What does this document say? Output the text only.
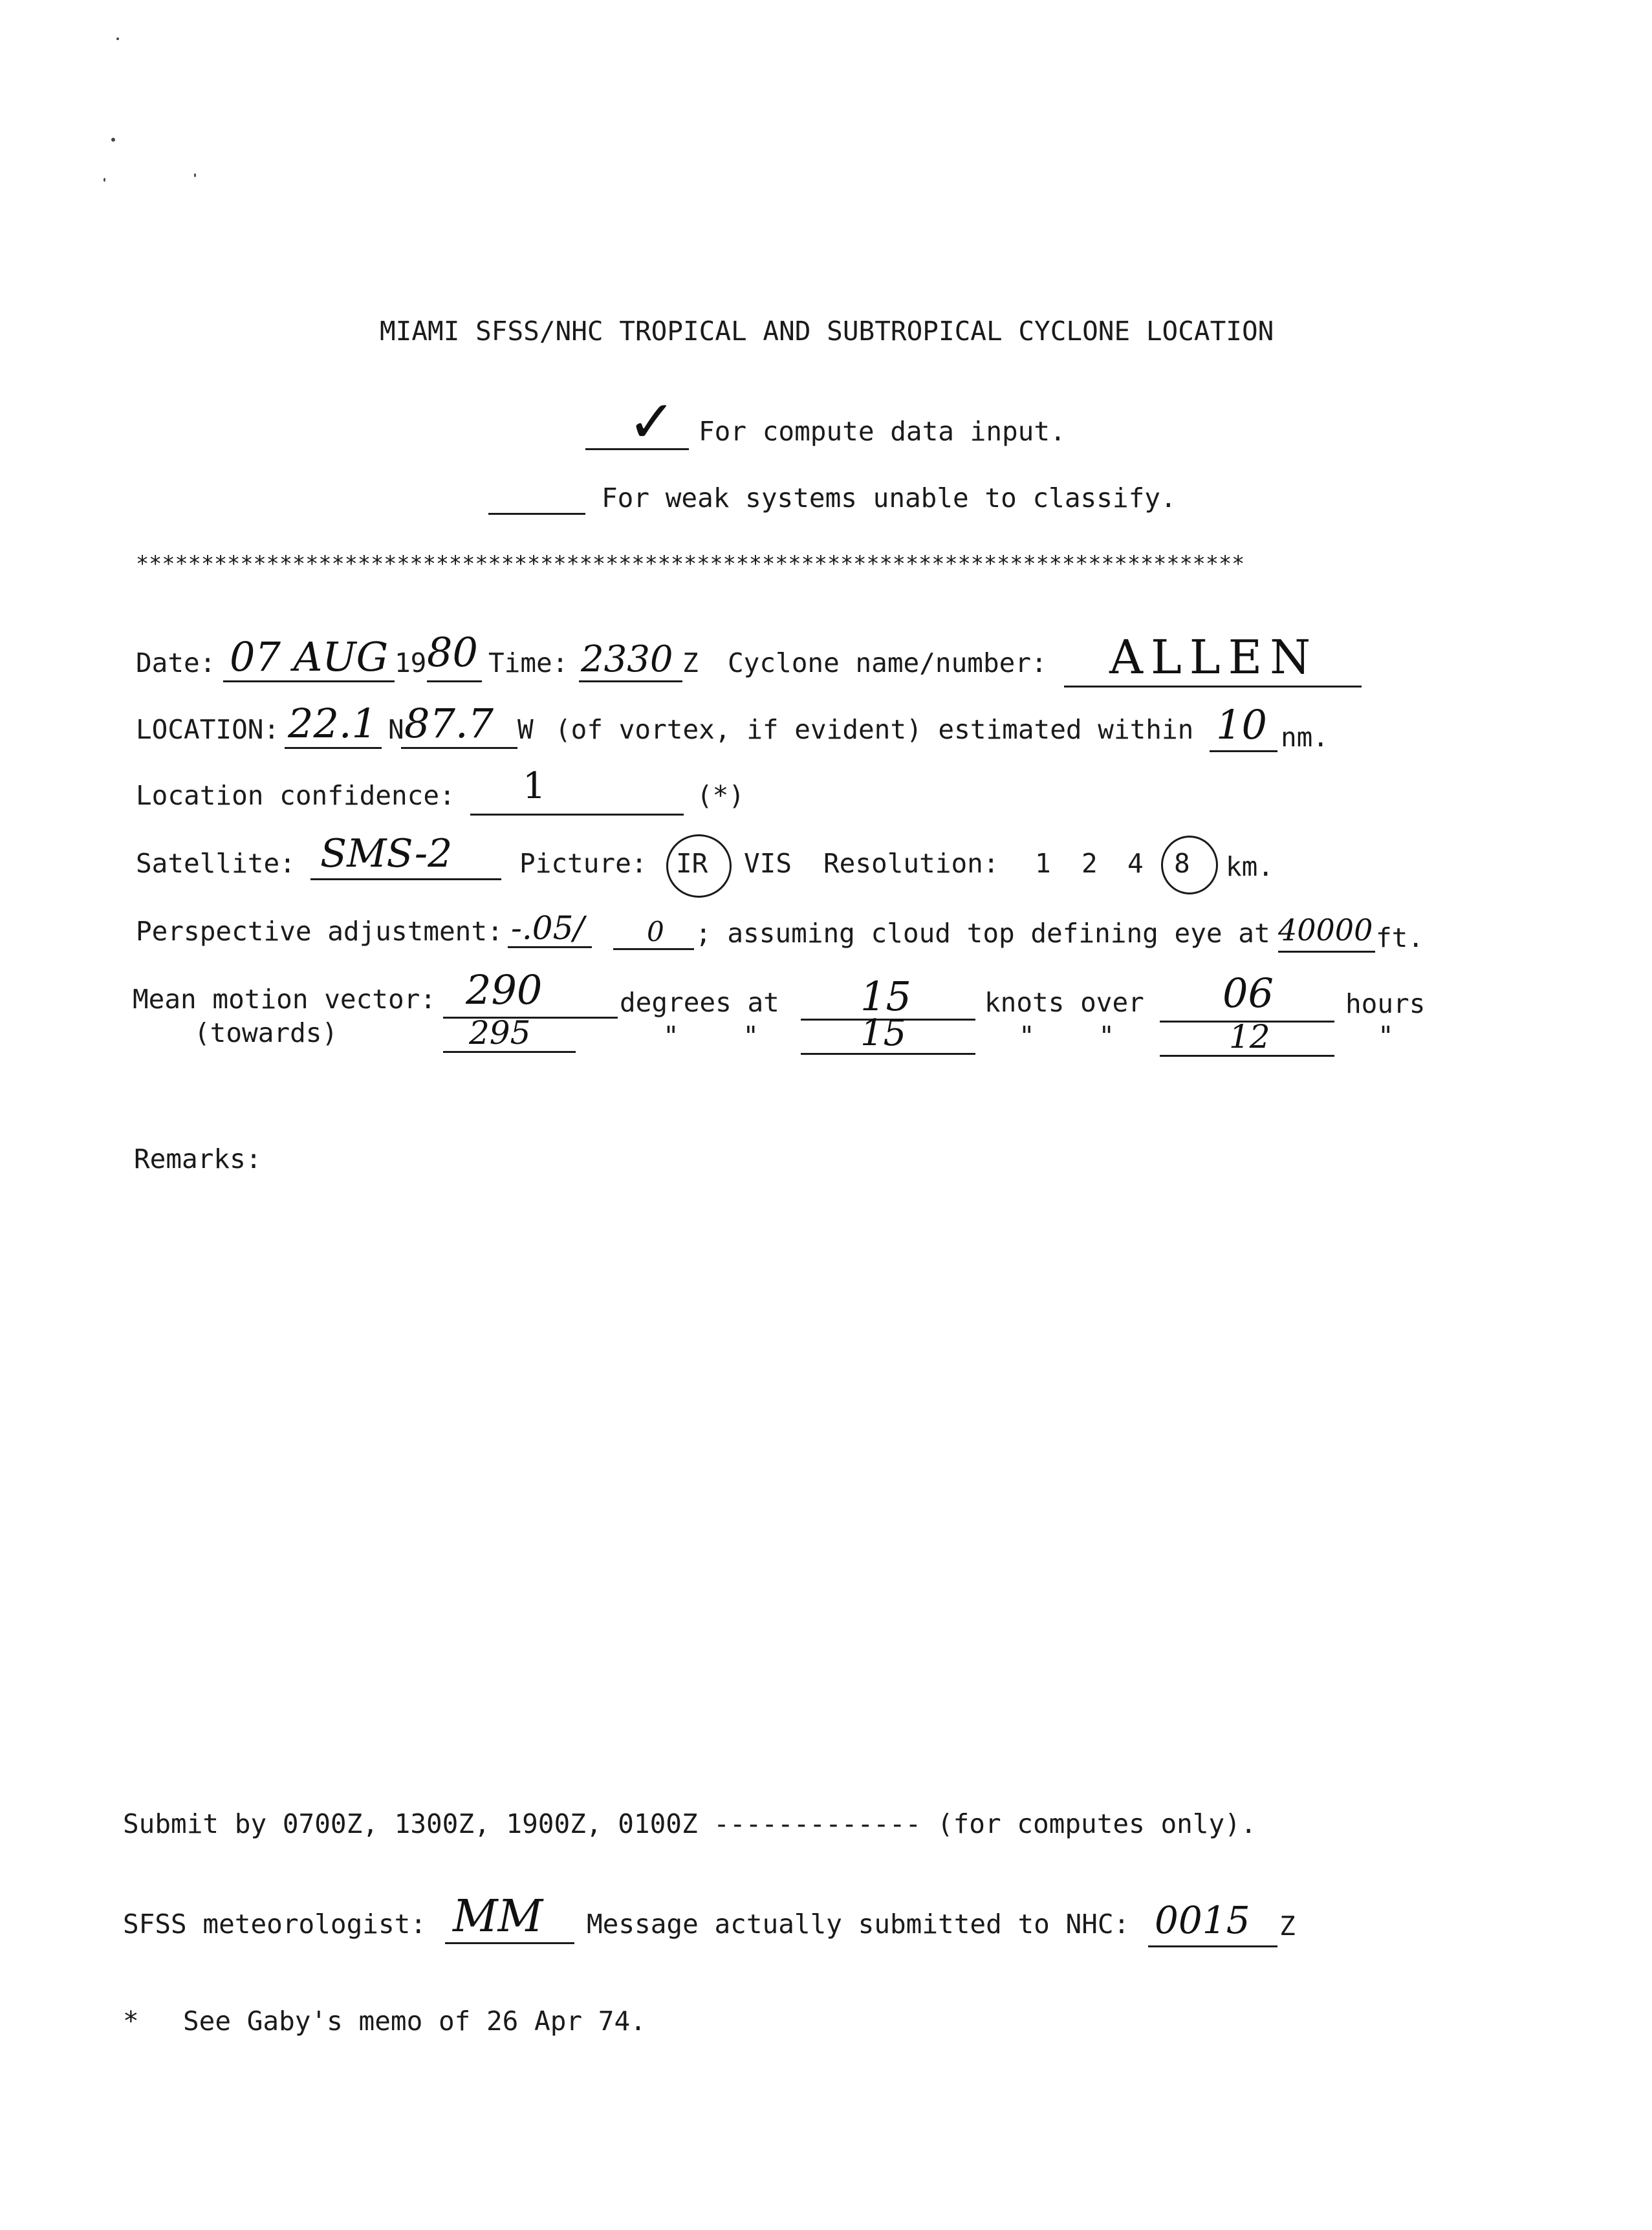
MIAMI SFSS/NHC TROPICAL AND SUBTROPICAL CYCLONE LOCATION
✓ For compute data input.
For weak systems unable to classify.
*************************************************************************************
Date: 07 AUG 19 80 Time: 2330 Z Cyclone name/number: ALLEN
LOCATION: 22.1 N 87.7 W (of vortex, if evident) estimated within 10 nm.
Location confidence: 1	(*)
Satellite: SMS-2	Picture: IR VIS Resolution: 1 2 4 8 km.
Perspective adjustment: -.05/ 0 ; assuming cloud top defining eye at 40000 ft.
Mean motion vector:
(towards)
290
295
degrees at
"    "
15
15
knots over
"    "
06
12
hours
"
Remarks:
Submit by 0700Z, 1300Z, 1900Z, 0100Z ------------- (for computes only).
SFSS meteorologist: MM Message actually submitted to NHC: 0015 Z
* See Gaby's memo of 26 Apr 74.
